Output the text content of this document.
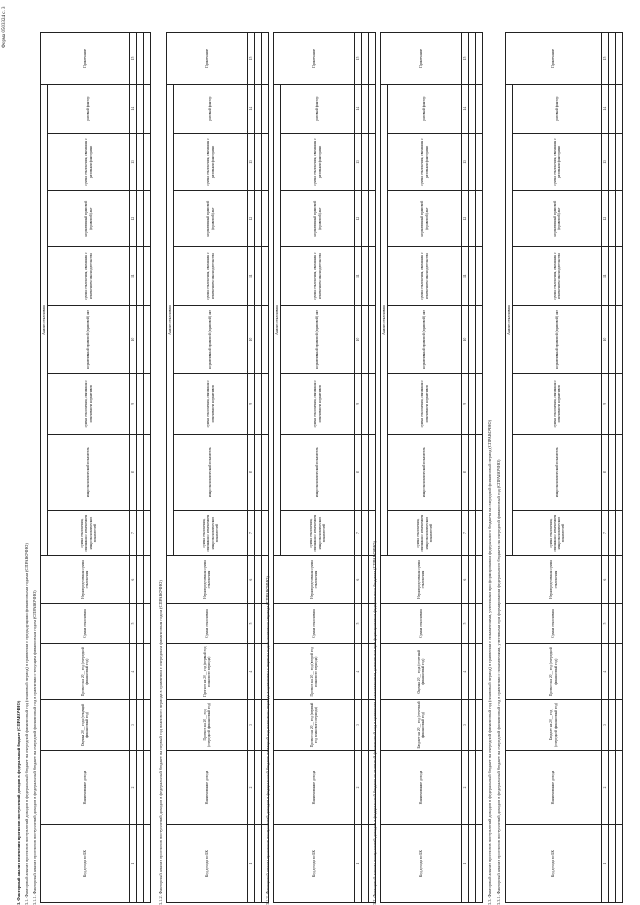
Форма 0503324 с. 3
3. Факторный анализ изменения прогнозов поступлений доходов в федеральный бюджет (СПРАВОЧНО) 3.1. Факторный анализ прогнозов поступлений доходов в федеральный бюджет на очередной финансовый год (плановый период) в сравнении с предыдущими финансовыми годами (СПРАВОЧНО) 3.1.1. Факторный анализ прогнозов поступлений доходов в федеральный бюджет на очередной финансовый год в сравнении с текущим финансовым годом (СПРАВОЧНО)	3.1.2. Факторный анализ прогнозов поступлений доходов в федеральный бюджет на первый год планового периода в сравнении с очередным финансовым годом (СПРАВОЧНО)	3.1.3. Факторный анализ прогнозов поступлений доходов в федеральный бюджет на второй год планового периода в сравнении с первым годом планового периода (СПРАВОЧНО)	3.2. Факторный анализ поступлений доходов в федеральный бюджет за отчетный финансовый год в сравнении с показателями, учтенными при формировании федерального бюджета (СПРАВОЧНО)	3.3. Факторный анализ прогнозов поступлений доходов в федеральный бюджет на очередной финансовый год (плановый период) в сравнении с показателями, учтенными при формировании федерального бюджета на очередной финансовый период (СПРАВОЧНО) 3.3.1. Факторный анализ прогнозов поступлений доходов в федеральный бюджет на очередной финансовый год в сравнении с показателями, учтенными при формировании федерального бюджета на очередной финансовый год (СПРАВОЧНО)
Код дохода по БК	Наименование дохода	Оценка 20__ года (текущий финансовый год)	Прогноз на 20__ год (очередной финансовый год)	Сумма отклонения	Нераспределенная сумма отклонения	Анализ отклонения								Примечание
						сумма отклонения, связанная с изменением макроэкономических показателей	макроэкономический показатель	сумма отклонения, связанная с изменением нормативов	нормативный правовой (правовой) акт	сумма отклонения, связанная с изменением законодательства	нормативный правовой (правовой) акт	сумма отклонения, связанная с разовыми факторами	разовый фактор	
1	2	3	4	5	6	7	8	9	10	11	12	13	14	15

Код дохода по БК	Наименование дохода	Прогноз на 20__ год (очередной финансовый год)	Прогноз на 20__ год (первый год планового периода)	Сумма отклонения	Нераспределенная сумма отклонения	Анализ отклонения								Примечание
						сумма отклонения, связанная с изменением макроэкономических показателей	макроэкономический показатель	сумма отклонения, связанная с изменением нормативов	нормативный правовой (правовой) акт	сумма отклонения, связанная с изменением законодательства	нормативный правовой (правовой) акт	сумма отклонения, связанная с разовыми факторами	разовый фактор	
1	2	3	4	5	6	7	8	9	10	11	12	13	14	15

Код дохода по БК	Наименование дохода	Прогноз на 20__ год (первый год планового периода)	Прогноз на 20__ год (второй год планового периода)	Сумма отклонения	Нераспределенная сумма отклонения	Анализ отклонения								Примечание
						сумма отклонения, связанная с изменением макроэкономических показателей	макроэкономический показатель	сумма отклонения, связанная с изменением нормативов	нормативный правовой (правовой) акт	сумма отклонения, связанная с изменением законодательства	нормативный правовой (правовой) акт	сумма отклонения, связанная с разовыми факторами	разовый фактор	
1	2	3	4	5	6	7	8	9	10	11	12	13	14	15

Код дохода по БК	Наименование дохода	Бюджет на 20__ год (отчетный финансовый год)	Оценка 20__ года (отчетный финансовый год)	Сумма отклонения	Нераспределенная сумма отклонения	Анализ отклонения								Примечание
						сумма отклонения, связанная с изменением макроэкономических показателей	макроэкономический показатель	сумма отклонения, связанная с изменением нормативов	нормативный правовой (правовой) акт	сумма отклонения, связанная с изменением законодательства	нормативный правовой (правовой) акт	сумма отклонения, связанная с разовыми факторами	разовый фактор	
1	2	3	4	5	6	7	8	9	10	11	12	13	14	15

Код дохода по БК	Наименование дохода	Бюджет на 20__ год (очередной финансовый год)	Прогноз на 20__ год (очередной финансовый год)	Сумма отклонения	Нераспределенная сумма отклонения	Анализ отклонения								Примечание
						сумма отклонения, связанная с изменением макроэкономических показателей	макроэкономический показатель	сумма отклонения, связанная с изменением нормативов	нормативный правовой (правовой) акт	сумма отклонения, связанная с изменением законодательства	нормативный правовой (правовой) акт	сумма отклонения, связанная с разовыми факторами	разовый фактор	
1	2	3	4	5	6	7	8	9	10	11	12	13	14	15
